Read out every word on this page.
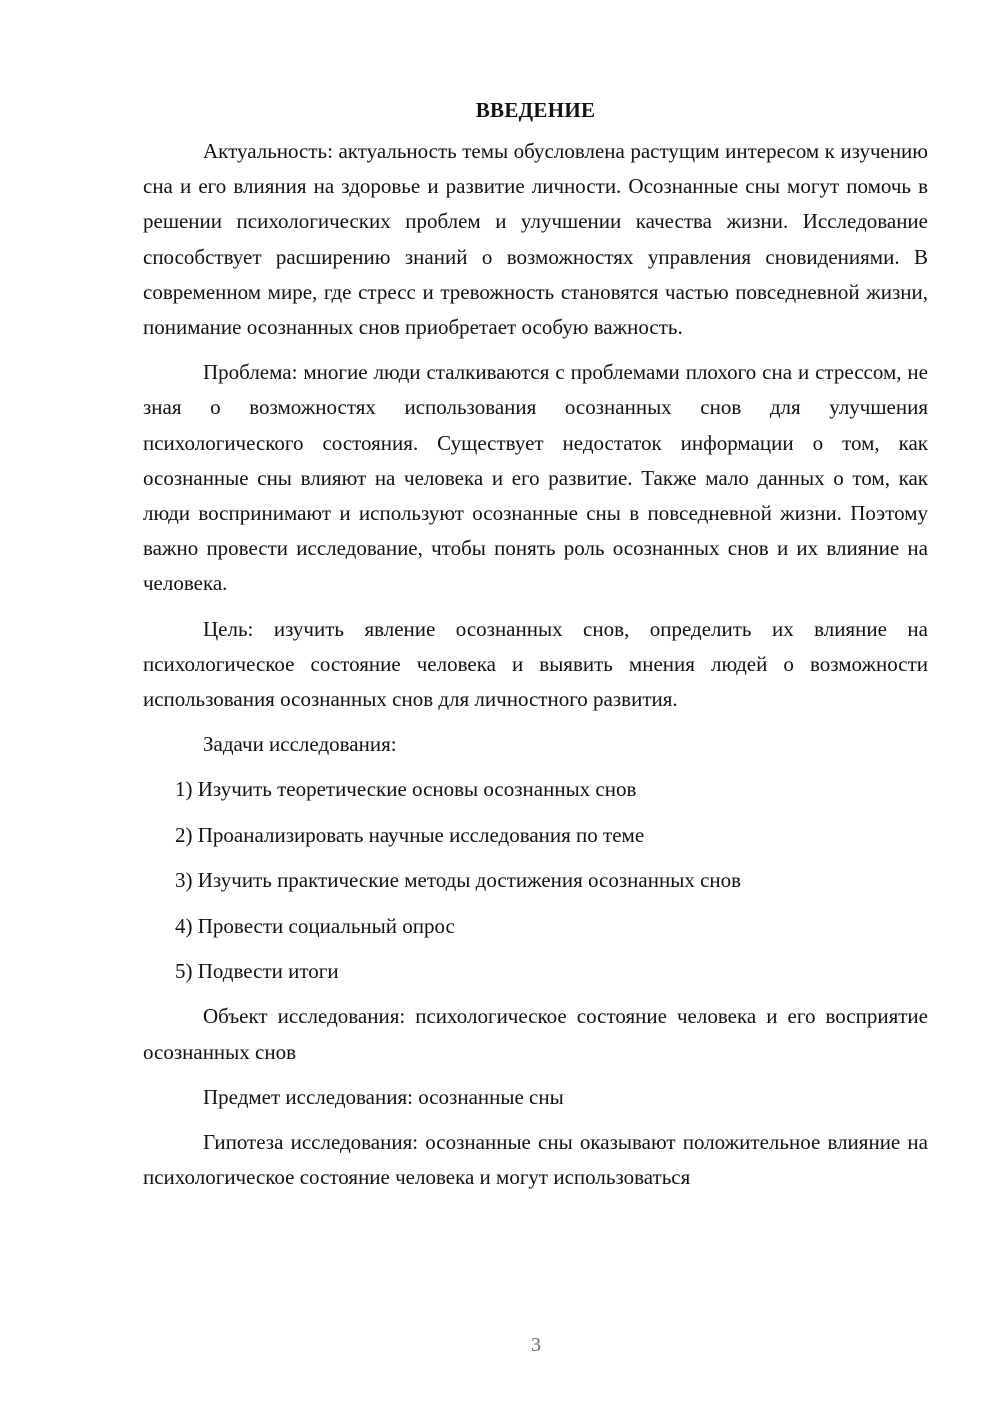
ВВЕДЕНИЕ

Актуальность: актуальность темы обусловлена растущим интересом к изучению сна и его влияния на здоровье и развитие личности. Осознанные сны могут помочь в решении психологических проблем и улучшении качества жизни. Исследование способствует расширению знаний о возможностях управления сновидениями. В современном мире, где стресс и тревожность становятся частью повседневной жизни, понимание осознанных снов приобретает особую важность.

Проблема: многие люди сталкиваются с проблемами плохого сна и стрессом, не зная о возможностях использования осознанных снов для улучшения психологического состояния. Существует недостаток информации о том, как осознанные сны влияют на человека и его развитие. Также мало данных о том, как люди воспринимают и используют осознанные сны в повседневной жизни. Поэтому важно провести исследование, чтобы понять роль осознанных снов и их влияние на человека.

Цель: изучить явление осознанных снов, определить их влияние на психологическое состояние человека и выявить мнения людей о возможности использования осознанных снов для личностного развития.

Задачи исследования:

1) Изучить теоретические основы осознанных снов

2) Проанализировать научные исследования по теме

3) Изучить практические методы достижения осознанных снов

4) Провести социальный опрос

5) Подвести итоги

Объект исследования: психологическое состояние человека и его восприятие осознанных снов

Предмет исследования: осознанные сны

Гипотеза исследования: осознанные сны оказывают положительное влияние на психологическое состояние человека и могут использоваться

3
